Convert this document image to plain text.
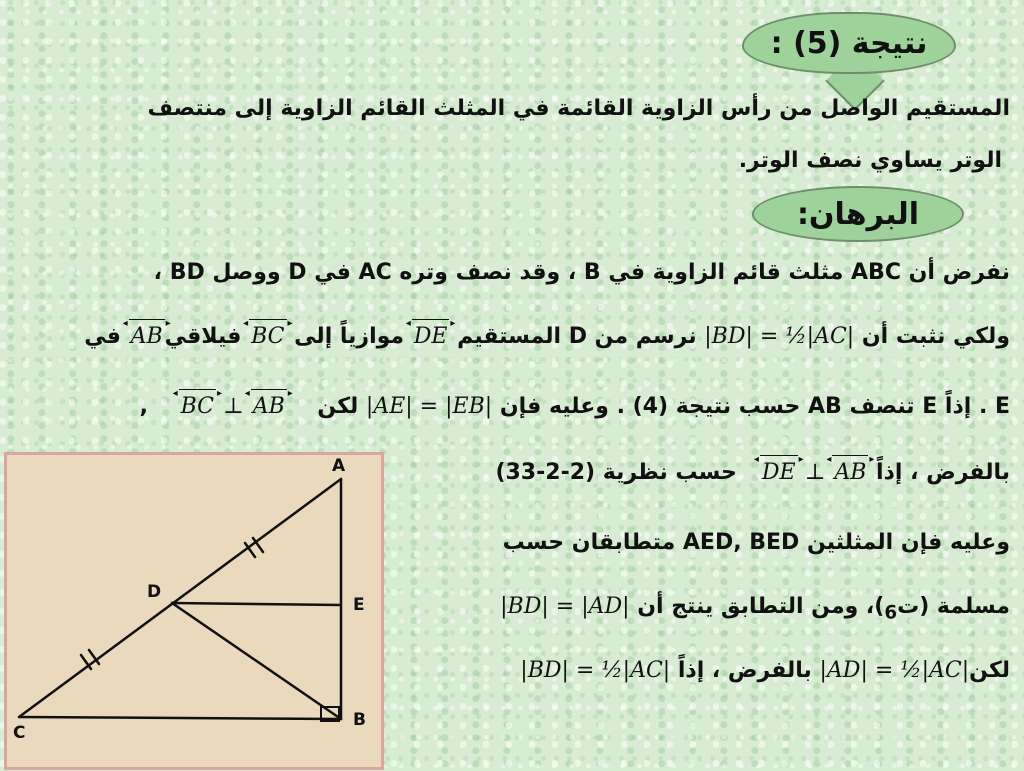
نتيجة (5) :
المستقيم الواصل من رأس الزاوية القائمة في المثلث القائم الزاوية إلى منتصف
الوتر يساوي نصف الوتر.
البرهان:
نفرض أن ABC مثلث قائم الزاوية في B ، وقد نصف وتره AC في D ووصل BD ،
ولكي نثبت أن |BD| = ½|AC| نرسم من D المستقيم DE ◂ ▸ موازياً إلى BC ◂ ▸ فيلاقيAB ◂ ▸ في
E . إذاً E تنصف AB حسب نتيجة (4) . وعليه فإن |AE| = |EB| لكن    BC ◂ ▸ ⊥ AB ◂ ▸    ,
بالفرض ، إذاً DE ◂ ▸ ⊥ AB ◂ ▸   حسب نظرية (2-2-33)
وعليه فإن المثلثين AED, BED متطابقان حسب
مسلمة (ت$_6$)، ومن التطابق ينتج أن |BD| = |AD|
لكن|AD| = ½|AC| بالفرض ، إذاً |BD| = ½|AC|
A
B
C
D
E
